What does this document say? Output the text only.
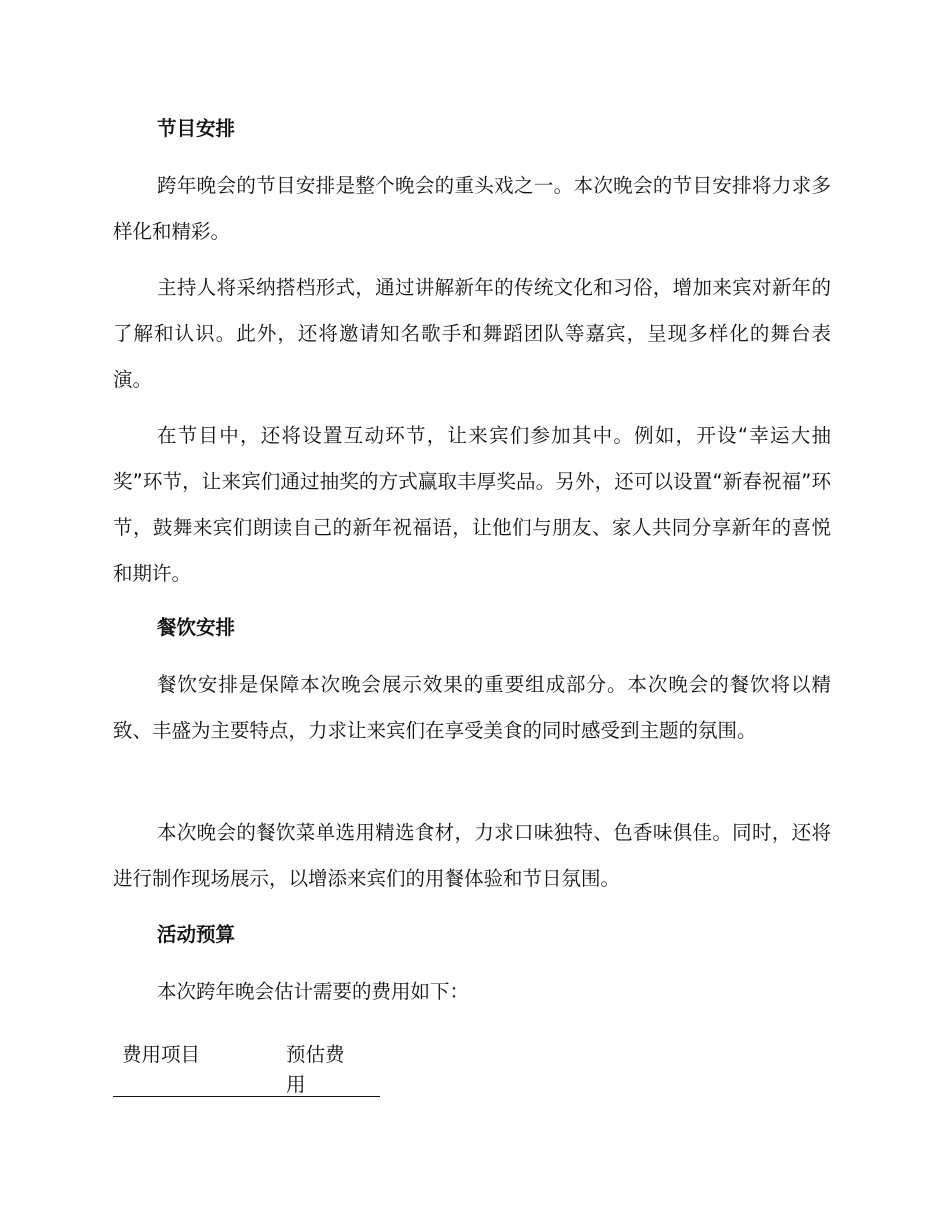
节目安排

跨年晚会的节目安排是整个晚会的重头戏之一。本次晚会的节目安排将力求多样化和精彩。

主持人将采纳搭档形式，通过讲解新年的传统文化和习俗，增加来宾对新年的了解和认识。此外，还将邀请知名歌手和舞蹈团队等嘉宾，呈现多样化的舞台表演。

在节目中，还将设置互动环节，让来宾们参加其中。例如，开设“幸运大抽奖”环节，让来宾们通过抽奖的方式赢取丰厚奖品。另外，还可以设置“新春祝福”环节，鼓舞来宾们朗读自己的新年祝福语，让他们与朋友、家人共同分享新年的喜悦和期许。

餐饮安排

餐饮安排是保障本次晚会展示效果的重要组成部分。本次晚会的餐饮将以精致、丰盛为主要特点，力求让来宾们在享受美食的同时感受到主题的氛围。

本次晚会的餐饮菜单选用精选食材，力求口味独特、色香味俱佳。同时，还将进行制作现场展示，以增添来宾们的用餐体验和节日氛围。

活动预算

本次跨年晚会估计需要的费用如下：

费用项目	预估费用
